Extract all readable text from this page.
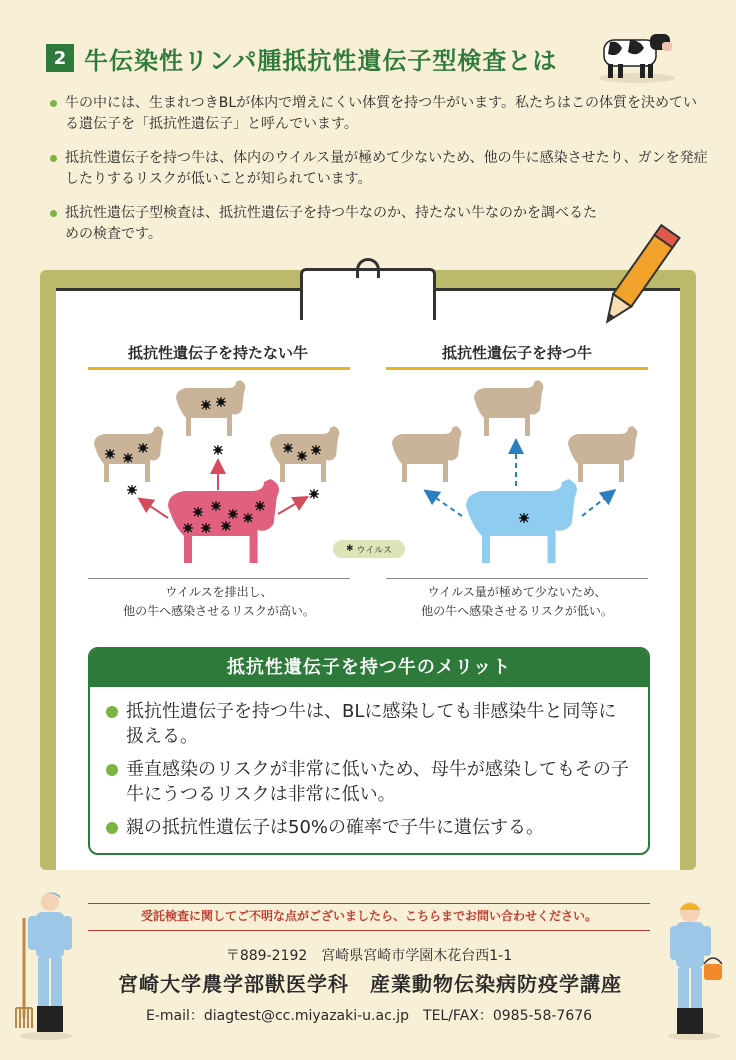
2 牛伝染性リンパ腫抵抗性遺伝子型検査とは
牛の中には、生まれつきBLが体内で増えにくい体質を持つ牛がいます。私たちはこの体質を決めている遺伝子を「抵抗性遺伝子」と呼んでいます。
抵抗性遺伝子を持つ牛は、体内のウイルス量が極めて少ないため、他の牛に感染させたり、ガンを発症したりするリスクが低いことが知られています。
抵抗性遺伝子型検査は、抵抗性遺伝子を持つ牛なのか、持たない牛なのかを調べるための検査です。
抵抗性遺伝子を持たない牛	抵抗性遺伝子を持つ牛
✱ ウイルス
ウイルスを排出し、
他の牛へ感染させるリスクが高い。
ウイルス量が極めて少ないため、
他の牛へ感染させるリスクが低い。
抵抗性遺伝子を持つ牛のメリット
抵抗性遺伝子を持つ牛は、BLに感染しても非感染牛と同等に扱える。
垂直感染のリスクが非常に低いため、母牛が感染してもその子牛にうつるリスクは非常に低い。
親の抵抗性遺伝子は50%の確率で子牛に遺伝する。
受託検査に関してご不明な点がございましたら、こちらまでお問い合わせください。
〒889-2192　宮崎県宮崎市学園木花台西1-1
宮崎大学農学部獣医学科　産業動物伝染病防疫学講座
E-mail：diagtest@cc.miyazaki-u.ac.jp　TEL/FAX：0985-58-7676
